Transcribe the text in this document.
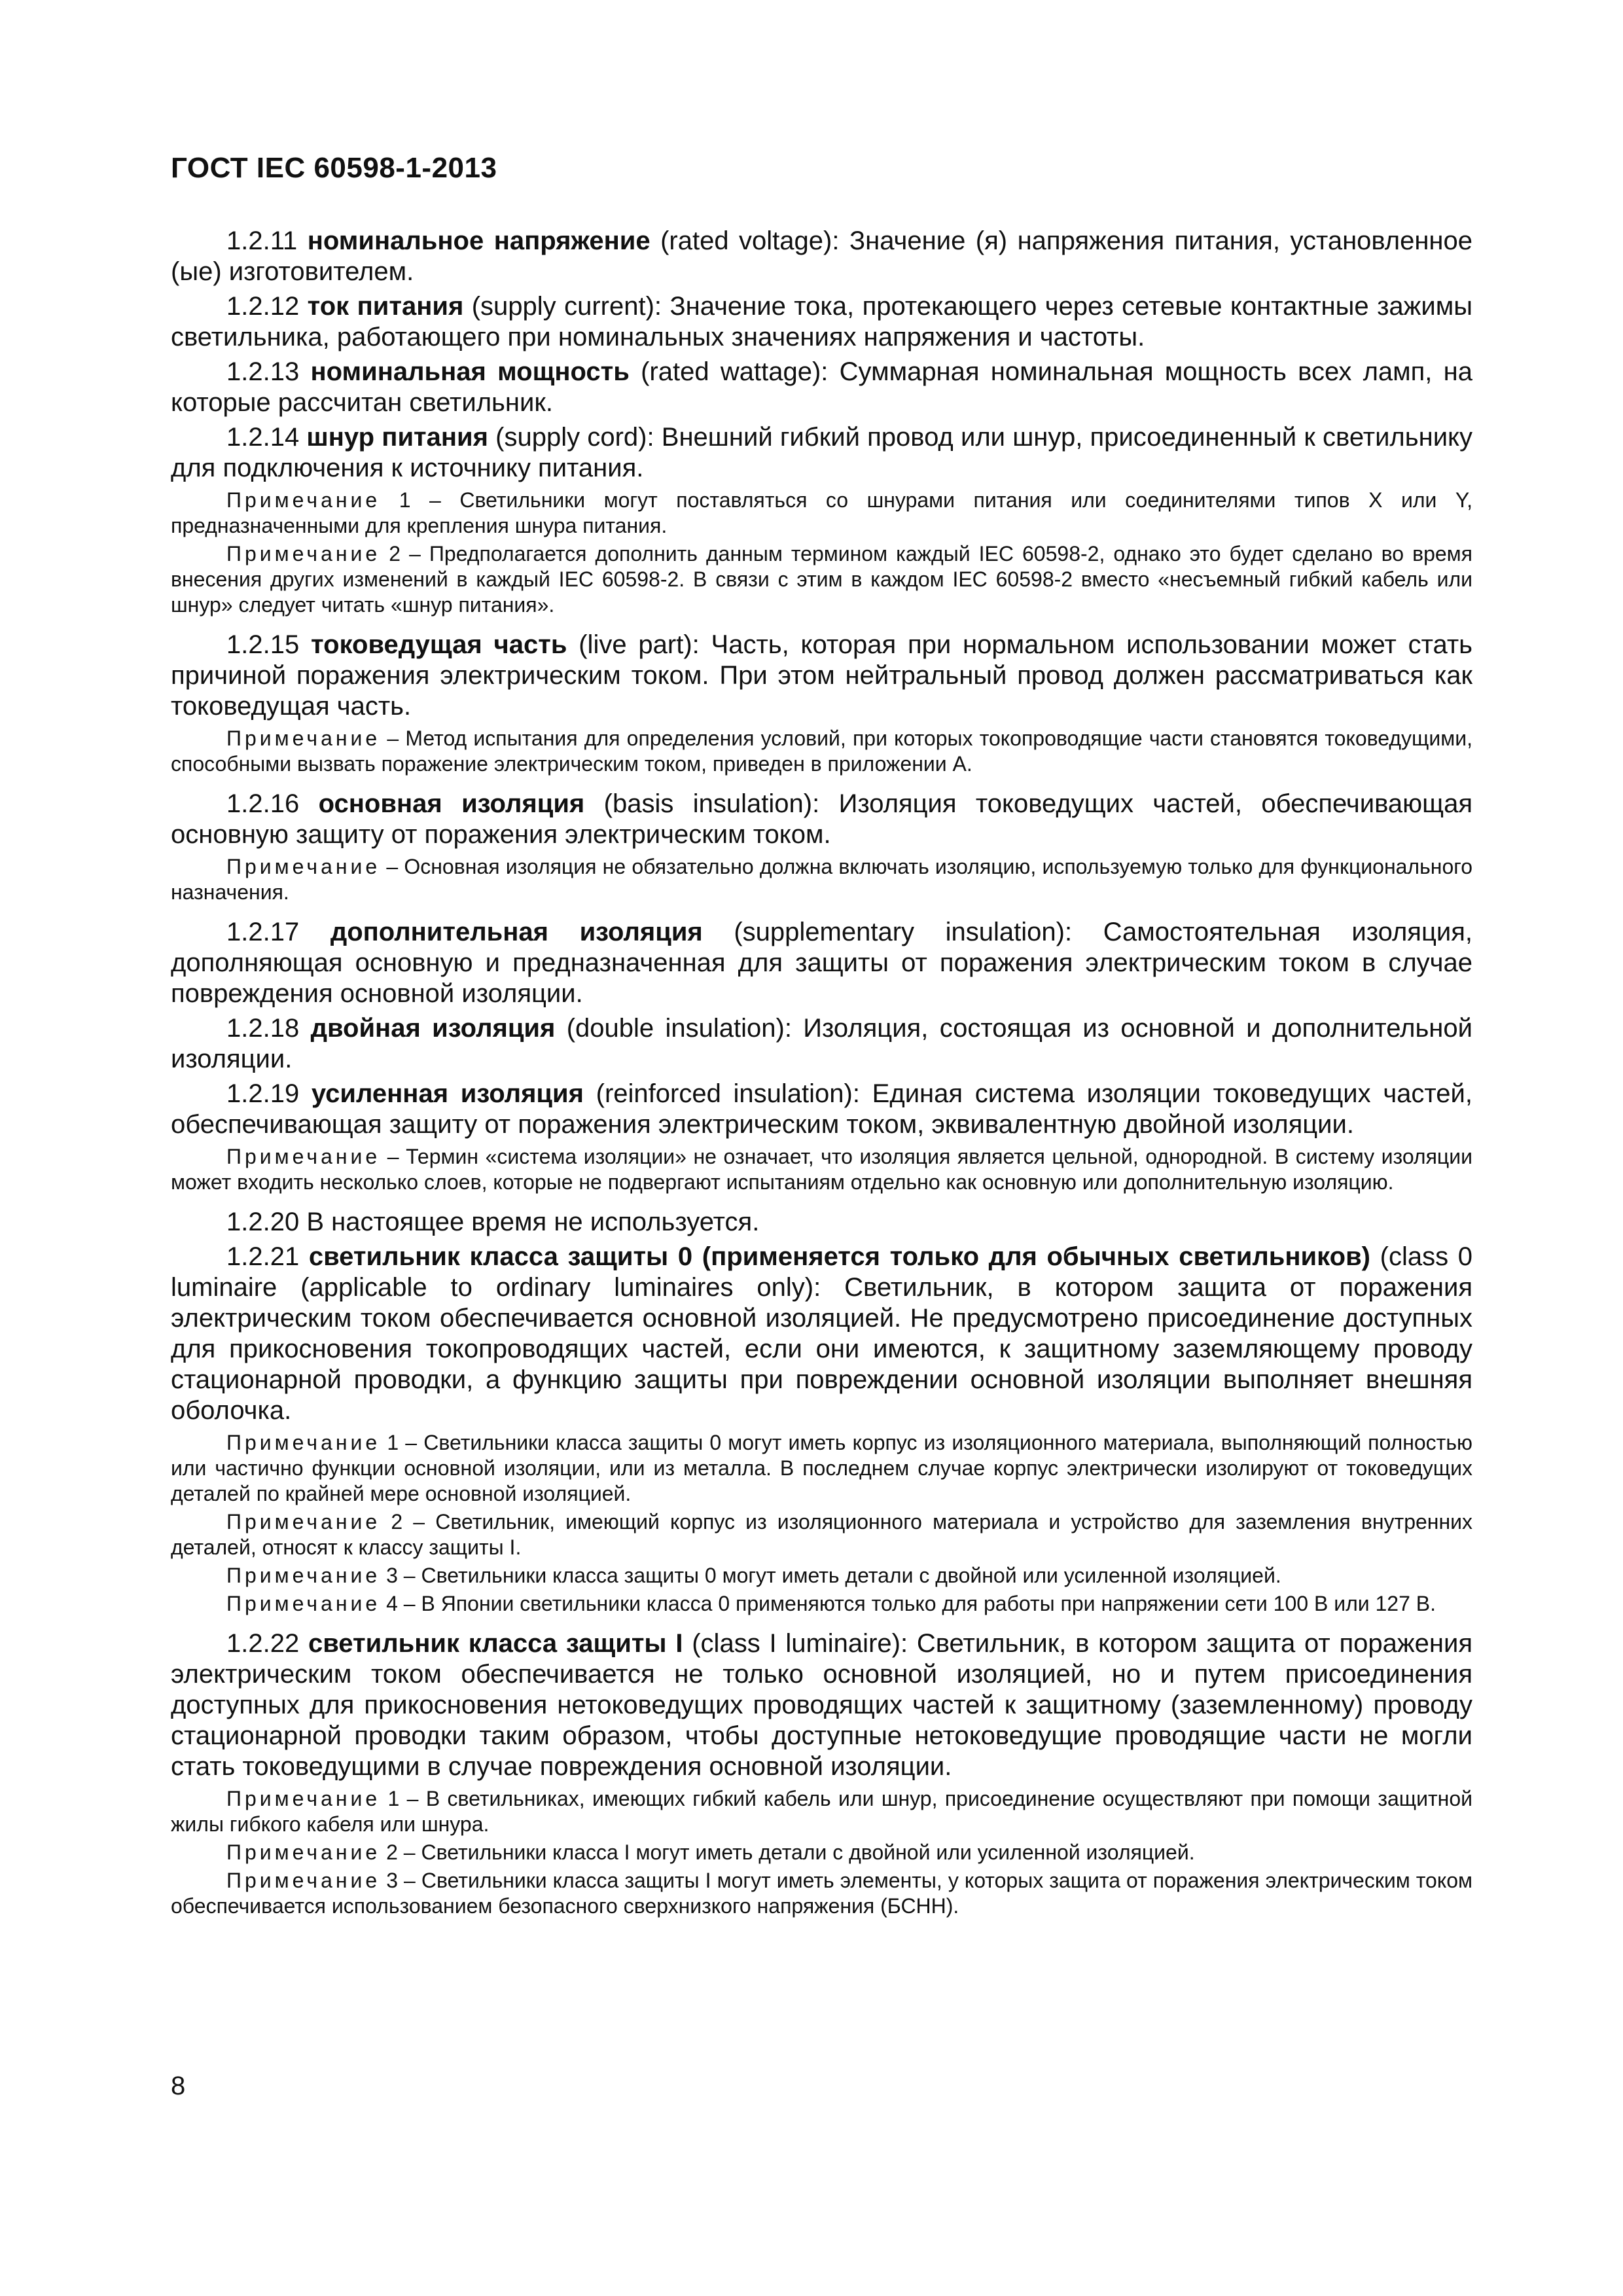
ГОСТ IEC 60598-1-2013

1.2.11 номинальное напряжение (rated voltage): Значение (я) напряжения питания, установленное (ые) изготовителем.

1.2.12 ток питания (supply current): Значение тока, протекающего через сетевые контактные зажимы светильника, работающего при номинальных значениях напряжения и частоты.

1.2.13 номинальная мощность (rated wattage): Суммарная номинальная мощность всех ламп, на которые рассчитан светильник.

1.2.14 шнур питания (supply cord): Внешний гибкий провод или шнур, присоединенный к светильнику для подключения к источнику питания.

Примечание 1 – Светильники могут поставляться со шнурами питания или соединителями типов X или Y, предназначенными для крепления шнура питания.

Примечание 2 – Предполагается дополнить данным термином каждый IEC 60598-2, однако это будет сделано во время внесения других изменений в каждый IEC 60598-2. В связи с этим в каждом IEC 60598-2 вместо «несъемный гибкий кабель или шнур» следует читать «шнур питания».

1.2.15 токоведущая часть (live part): Часть, которая при нормальном использовании может стать причиной поражения электрическим током. При этом нейтральный провод должен рассматриваться как токоведущая часть.

Примечание – Метод испытания для определения условий, при которых токопроводящие части становятся токоведущими, способными вызвать поражение электрическим током, приведен в приложении А.

1.2.16 основная изоляция (basis insulation): Изоляция токоведущих частей, обеспечивающая основную защиту от поражения электрическим током.

Примечание – Основная изоляция не обязательно должна включать изоляцию, используемую только для функционального назначения.

1.2.17 дополнительная изоляция (supplementary insulation): Самостоятельная изоляция, дополняющая основную и предназначенная для защиты от поражения электрическим током в случае повреждения основной изоляции.

1.2.18 двойная изоляция (double insulation): Изоляция, состоящая из основной и дополнительной изоляции.

1.2.19 усиленная изоляция (reinforced insulation): Единая система изоляции токоведущих частей, обеспечивающая защиту от поражения электрическим током, эквивалентную двойной изоляции.

Примечание – Термин «система изоляции» не означает, что изоляция является цельной, однородной. В систему изоляции может входить несколько слоев, которые не подвергают испытаниям отдельно как основную или дополнительную изоляцию.

1.2.20 В настоящее время не используется.

1.2.21 светильник класса защиты 0 (применяется только для обычных светильников) (class 0 luminaire (applicable to ordinary luminaires only): Светильник, в котором защита от поражения электрическим током обеспечивается основной изоляцией. Не предусмотрено присоединение доступных для прикосновения токопроводящих частей, если они имеются, к защитному заземляющему проводу стационарной проводки, а функцию защиты при повреждении основной изоляции выполняет внешняя оболочка.

Примечание 1 – Светильники класса защиты 0 могут иметь корпус из изоляционного материала, выполняющий полностью или частично функции основной изоляции, или из металла. В последнем случае корпус электрически изолируют от токоведущих деталей по крайней мере основной изоляцией.

Примечание 2 – Светильник, имеющий корпус из изоляционного материала и устройство для заземления внутренних деталей, относят к классу защиты I.

Примечание 3 – Светильники класса защиты 0 могут иметь детали с двойной или усиленной изоляцией.

Примечание 4 – В Японии светильники класса 0 применяются только для работы при напряжении сети 100 В или 127 В.

1.2.22 светильник класса защиты I (class I luminaire): Светильник, в котором защита от поражения электрическим током обеспечивается не только основной изоляцией, но и путем присоединения доступных для прикосновения нетоковедущих проводящих частей к защитному (заземленному) проводу стационарной проводки таким образом, чтобы доступные нетоковедущие проводящие части не могли стать токоведущими в случае повреждения основной изоляции.

Примечание 1 – В светильниках, имеющих гибкий кабель или шнур, присоединение осуществляют при помощи защитной жилы гибкого кабеля или шнура.

Примечание 2 – Светильники класса I могут иметь детали с двойной или усиленной изоляцией.

Примечание 3 – Светильники класса защиты I могут иметь элементы, у которых защита от поражения электрическим током обеспечивается использованием безопасного сверхнизкого напряжения (БСНН).

8
